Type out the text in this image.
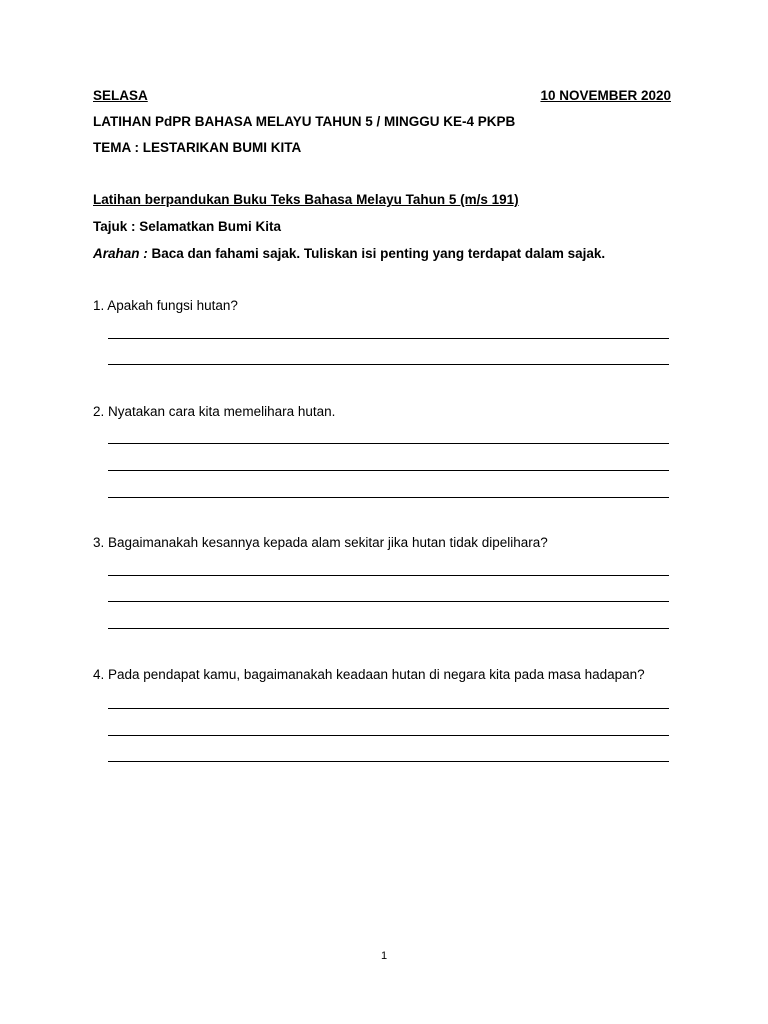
SELASA	10 NOVEMBER 2020
LATIHAN PdPR BAHASA MELAYU TAHUN 5 / MINGGU KE-4 PKPB
TEMA : LESTARIKAN BUMI KITA
Latihan berpandukan Buku Teks Bahasa Melayu Tahun 5 (m/s 191)
Tajuk : Selamatkan Bumi Kita
Arahan : Baca dan fahami sajak. Tuliskan isi penting yang terdapat dalam sajak.
1. Apakah fungsi hutan?
2. Nyatakan cara kita memelihara hutan.
3. Bagaimanakah kesannya kepada alam sekitar jika hutan tidak dipelihara?
4. Pada pendapat kamu, bagaimanakah keadaan hutan di negara kita pada masa hadapan?
1
